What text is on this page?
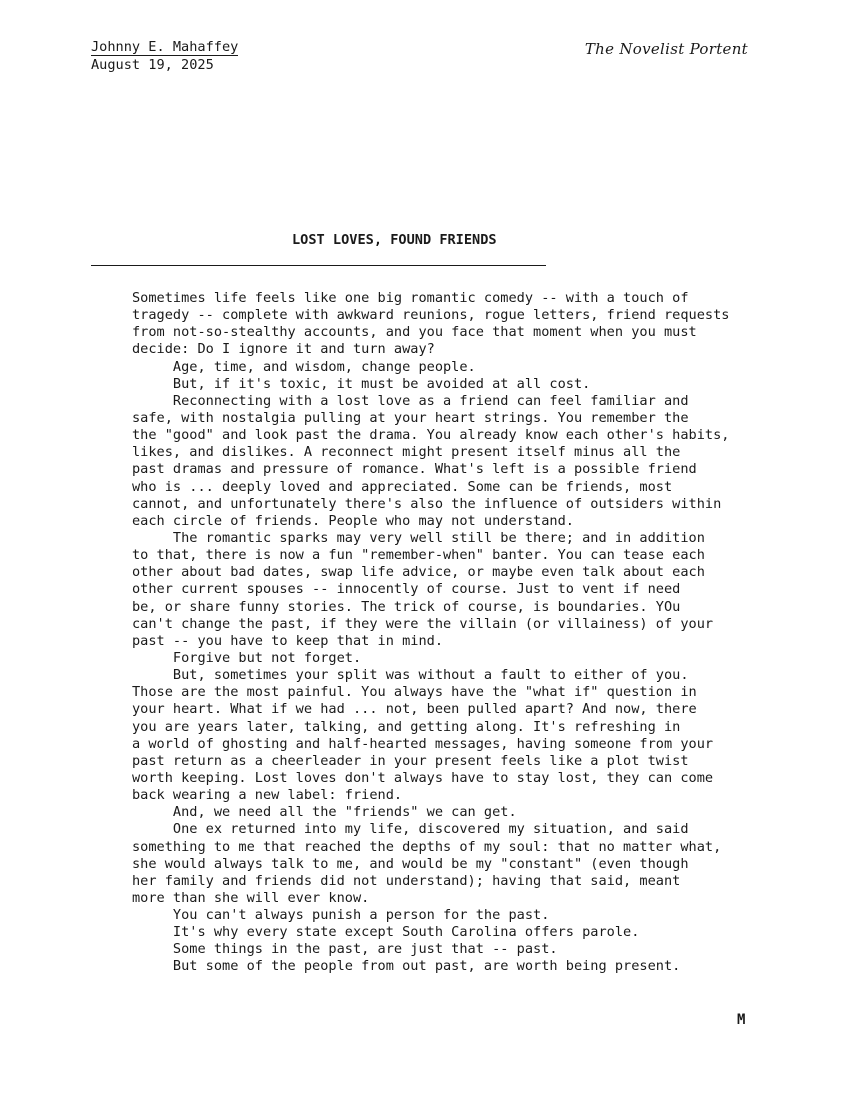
Johnny E. Mahaffey
August 19, 2025
The Novelist Portent
LOST LOVES, FOUND FRIENDS
Sometimes life feels like one big romantic comedy -- with a touch of
tragedy -- complete with awkward reunions, rogue letters, friend requests
from not-so-stealthy accounts, and you face that moment when you must
decide: Do I ignore it and turn away?
Age, time, and wisdom, change people.
But, if it's toxic, it must be avoided at all cost.
Reconnecting with a lost love as a friend can feel familiar and
safe, with nostalgia pulling at your heart strings. You remember the
the "good" and look past the drama. You already know each other's habits,
likes, and dislikes. A reconnect might present itself minus all the
past dramas and pressure of romance. What's left is a possible friend
who is ... deeply loved and appreciated. Some can be friends, most
cannot, and unfortunately there's also the influence of outsiders within
each circle of friends. People who may not understand.
The romantic sparks may very well still be there; and in addition
to that, there is now a fun "remember-when" banter. You can tease each
other about bad dates, swap life advice, or maybe even talk about each
other current spouses -- innocently of course. Just to vent if need
be, or share funny stories. The trick of course, is boundaries. YOu
can't change the past, if they were the villain (or villainess) of your
past -- you have to keep that in mind.
Forgive but not forget.
But, sometimes your split was without a fault to either of you.
Those are the most painful. You always have the "what if" question in
your heart. What if we had ... not, been pulled apart? And now, there
you are years later, talking, and getting along. It's refreshing in
a world of ghosting and half-hearted messages, having someone from your
past return as a cheerleader in your present feels like a plot twist
worth keeping. Lost loves don't always have to stay lost, they can come
back wearing a new label: friend.
And, we need all the "friends" we can get.
One ex returned into my life, discovered my situation, and said
something to me that reached the depths of my soul: that no matter what,
she would always talk to me, and would be my "constant" (even though
her family and friends did not understand); having that said, meant
more than she will ever know.
You can't always punish a person for the past.
It's why every state except South Carolina offers parole.
Some things in the past, are just that -- past.
But some of the people from out past, are worth being present.
M
